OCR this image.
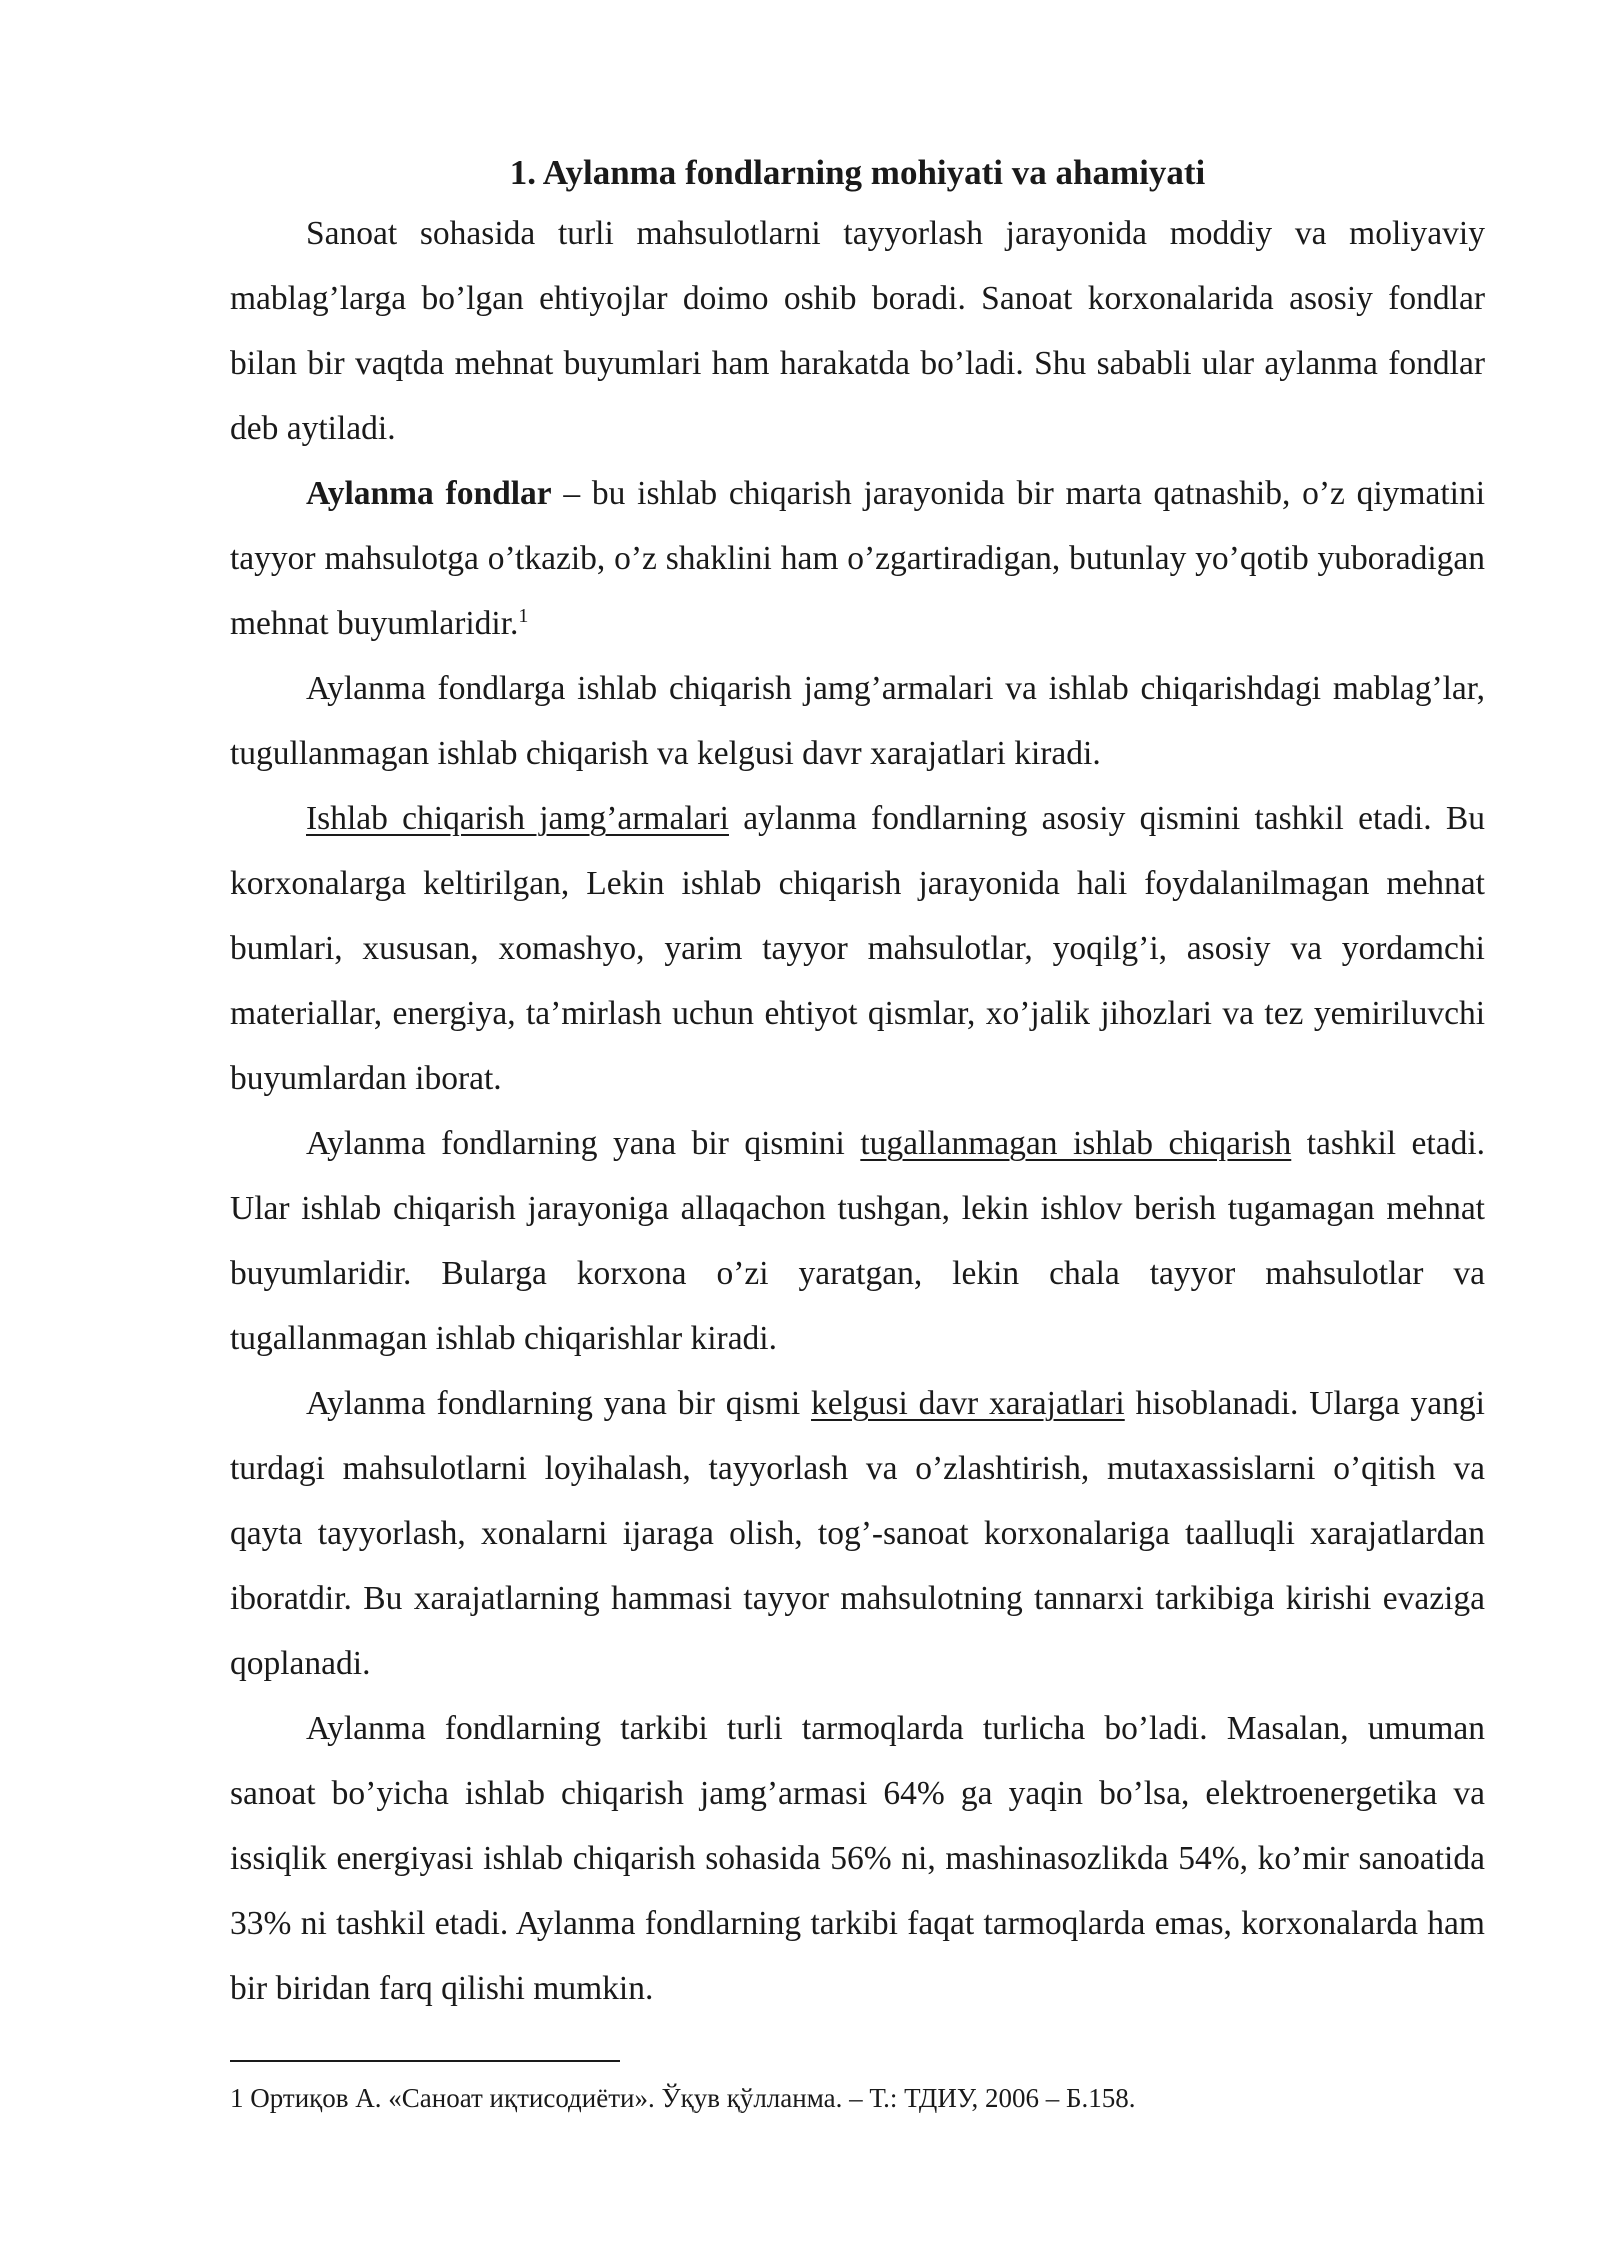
1. Aylanma fondlarning mohiyati va ahamiyati

Sanoat sohasida turli mahsulotlarni tayyorlash jarayonida moddiy va moliyaviy mablag’larga bo’lgan ehtiyojlar doimo oshib boradi. Sanoat korxonalarida asosiy fondlar bilan bir vaqtda mehnat buyumlari ham harakatda bo’ladi. Shu sababli ular aylanma fondlar deb aytiladi.

Aylanma fondlar – bu ishlab chiqarish jarayonida bir marta qatnashib, o’z qiymatini tayyor mahsulotga o’tkazib, o’z shaklini ham o’zgartiradigan, butunlay yo’qotib yuboradigan mehnat buyumlaridir.$^1$

Aylanma fondlarga ishlab chiqarish jamg’armalari va ishlab chiqarishdagi mablag’lar, tugullanmagan ishlab chiqarish va kelgusi davr xarajatlari kiradi.

Ishlab chiqarish jamg’armalari aylanma fondlarning asosiy qismini tashkil etadi. Bu korxonalarga keltirilgan, Lekin ishlab chiqarish jarayonida hali foydalanilmagan mehnat bumlari, xususan, xomashyo, yarim tayyor mahsulotlar, yoqilg’i, asosiy va yordamchi materiallar, energiya, ta’mirlash uchun ehtiyot qismlar, xo’jalik jihozlari va tez yemiriluvchi buyumlardan iborat.

Aylanma fondlarning yana bir qismini tugallanmagan ishlab chiqarish tashkil etadi. Ular ishlab chiqarish jarayoniga allaqachon tushgan, lekin ishlov berish tugamagan mehnat buyumlaridir. Bularga korxona o’zi yaratgan, lekin chala tayyor mahsulotlar va tugallanmagan ishlab chiqarishlar kiradi.

Aylanma fondlarning yana bir qismi kelgusi davr xarajatlari hisoblanadi. Ularga yangi turdagi mahsulotlarni loyihalash, tayyorlash va o’zlashtirish, mutaxassislarni o’qitish va qayta tayyorlash, xonalarni ijaraga olish, tog’-sanoat korxonalariga taalluqli xarajatlardan iboratdir. Bu xarajatlarning hammasi tayyor mahsulotning tannarxi tarkibiga kirishi evaziga qoplanadi.

Aylanma fondlarning tarkibi turli tarmoqlarda turlicha bo’ladi. Masalan, umuman sanoat bo’yicha ishlab chiqarish jamg’armasi 64% ga yaqin bo’lsa, elektroenergetika va issiqlik energiyasi ishlab chiqarish sohasida 56% ni, mashinasozlikda 54%, ko’mir sanoatida 33% ni tashkil etadi. Aylanma fondlarning tarkibi faqat tarmoqlarda emas, korxonalarda ham bir biridan farq qilishi mumkin.

1 Ортиқов А. «Саноат иқтисодиёти». Ўқув қўлланма. – Т.: ТДИУ, 2006 – Б.158.
